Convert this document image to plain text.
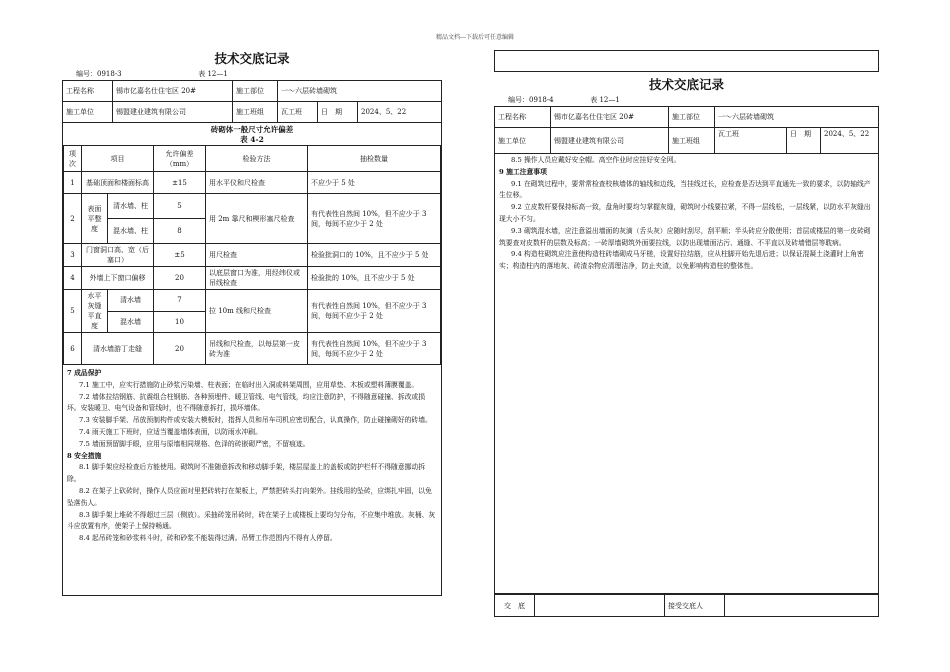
精品文档---下载后可任意编辑
技术交底记录
编号：0918-3	表 12—1
工程名称	锡市亿嘉名仕住宅区 20#	施工部位	一～六层砖墙砌筑		
施工单位	锡盟建业建筑有限公司	施工班组	瓦工班	日　期	2024、5、22
砖砌体一般尺寸允许偏差
表 4-2
项次	项目		允许偏差（mm）	检验方法	抽检数量
1	基础顶面和楼面标高		±15	用水平仪和尺检查	不应少于 5 处
2	表面平整度	清水墙、柱	5	用 2m 靠尺和楔形塞尺检查	有代表性自然间 10%，但不应少于 3 间，每间不应少于 2 处
		混水墙、柱	8		
3	门窗洞口高、宽（后塞口）		±5	用尺检查	检验批洞口的 10%，且不应少于 5 处
4	外墙上下窗口偏移		20	以底层窗口为准，用经纬仪或吊线检查	检验批的 10%，且不应少于 5 处
5	水平灰缝平直度	清水墙	7	拉 10m 线和尺检查	有代表性自然间 10%，但不应少于 3 间，每间不应少于 2 处
		混水墙	10		
6	清水墙游丁走缝		20	吊线和尺检查，以每层第一皮砖为准	有代表性自然间 10%，但不应少于 3 间，每间不应少于 2 处
7 成品保护

7.1 施工中，应实行措施防止砂浆污染墙、柱表面；在临时出入洞或料架周围，应用草垫、木板或塑料薄膜覆盖。

7.2 墙体拉结钢筋、抗震组合柱钢筋、各种预埋件、暖卫管线、电气管线，均应注意防护，不得随意碰撞、拆改或损坏。安装暖卫、电气设备和管线时，也不得随意拆打，损坏墙体。

7.3 安装脚手架、吊放预制构件或安装大模板时，指挥人员和吊车司机应密切配合，认真操作，防止碰撞砌好的砖墙。

7.4 雨天施工下班时，应适当覆盖墙体表面，以防雨水冲刷。

7.5 墙面预留脚手眼，应用与原墙相同规格、色泽的砖嵌砌严密，不留痕迹。

8 安全措施

8.1 脚手架应经检查后方能使用。砌筑时不准随意拆改和移动脚手架，楼层屋盖上的盖板或防护栏杆不得随意挪动拆除。

8.2 在架子上砍砖时，操作人员应面对里把砖转打在架板上，严禁把砖头打向架外。挂线用的坠砖，应绑扎牢固，以免坠落伤人。

8.3 脚手架上堆砖不得超过三层（侧放）。采抽砖笼吊砖时，砖在架子上或楼板上要均匀分布，不应集中堆放。灰桶、灰斗应放置有序，使架子上保持畅通。

8.4 起吊砖笼和砂浆料斗时，砖和砂浆不能装得过满。吊臂工作范围内不得有人停留。

技术交底记录
编号：0918-4	表 12—1
工程名称	锡市亿嘉名仕住宅区 20#	施工部位	一～六层砖墙砌筑		
施工单位	锡盟建业建筑有限公司	施工班组	瓦工班	日　期	2024、5、22

8.5 操作人员应戴好安全帽。高空作业时应挂好安全网。

9 施工注意事项

9.1 在砌筑过程中，要常常检查校核墙体的轴线和边线，当挂线过长，应检查是否达到平直通先一致的要求，以防轴线产生位移。

9.2 立皮数杆要保持标高一致，盘角时要均匀掌握灰缝，砌筑时小线要拉紧，不得一层线松，一层线紧，以防水平灰缝出现大小不匀。

9.3 砌筑混水墙，应注意溢出墙面的灰滴（舌头灰）应随时刮尽，刮平顺；半头砖应分散使用；首层或楼层的第一皮砖砌筑要查对皮数杆的层数及标高；一砖厚墙砌筑外面要拉线，以防出现墙面沾污、通缝、不平直以及砖墙错层等耽病。

9.4 构造柱砌筑应注意使构造柱砖墙砌成马牙槎，设置好拉结筋，应从柱脚开始先退后进；以保证混凝土浇灌时上角密实；构造柱内的落地灰、砖渣杂物应清理洁净，防止夹渣，以免影响构造柱的整体性。

交　底		接受交底人	
